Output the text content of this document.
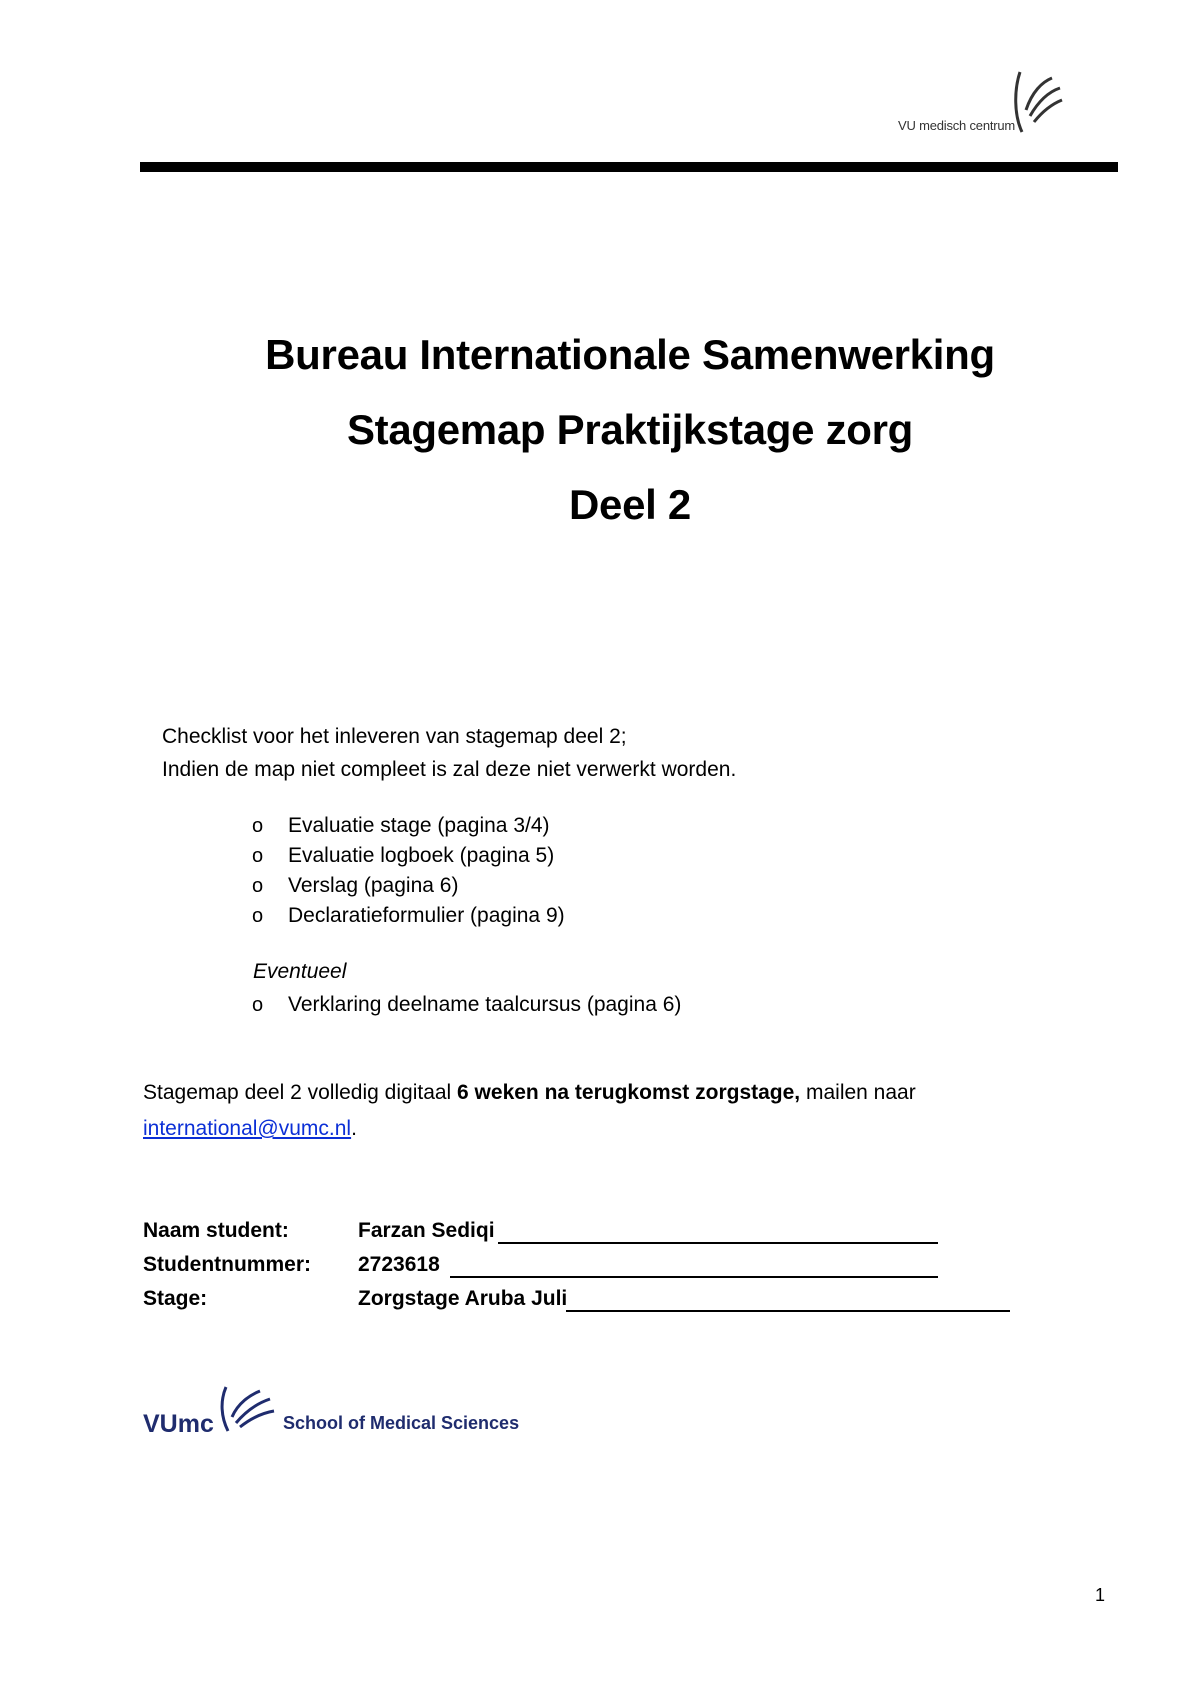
VU medisch centrum
Bureau Internationale Samenwerking
Stagemap Praktijkstage zorg
Deel 2
Checklist voor het inleveren van stagemap deel 2;
Indien de map niet compleet is zal deze niet verwerkt worden.
o Evaluatie stage (pagina 3/4)
o Evaluatie logboek (pagina 5)
o Verslag (pagina 6)
o Declaratieformulier (pagina 9)
Eventueel
o Verklaring deelname taalcursus (pagina 6)
Stagemap deel 2 volledig digitaal 6 weken na terugkomst zorgstage, mailen naar
international@vumc.nl.
Naam student:	Farzan Sediqi
Studentnummer: 2723618
Stage:	Zorgstage Aruba Juli
VUmc	School of Medical Sciences
1
